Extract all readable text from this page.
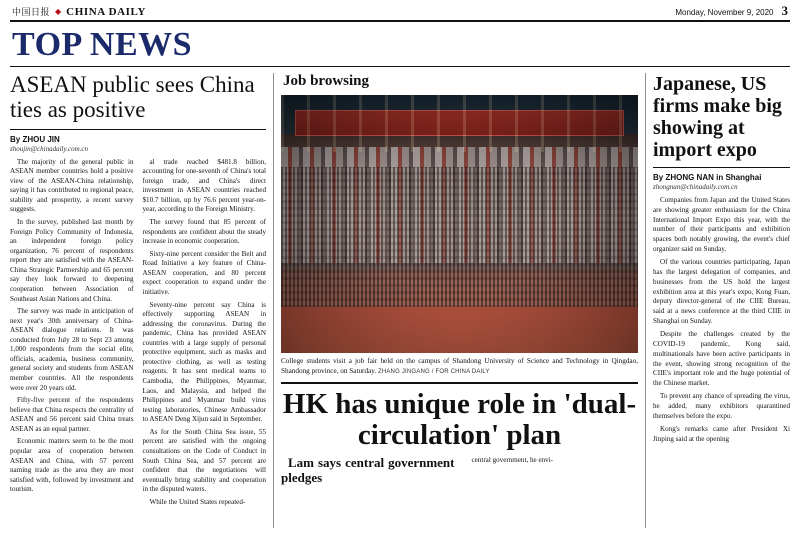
中国日报 ◆ CHINA DAILY	Monday, November 9, 2020 3
TOP NEWS
ASEAN public sees China ties as positive
By ZHOU JIN
zhoujin@chinadaily.com.cn

The majority of the general public in ASEAN member countries hold a positive view of the ASEAN-China relationship, saying it has contributed to regional peace, stability and prosperity, a recent survey suggests.

In the survey, published last month by Foreign Policy Community of Indonesia, an independent foreign policy organization, 76 percent of respondents report they are satisfied with the ASEAN-China Strategic Partnership and 65 percent say they look forward to deepening cooperation between Association of Southeast Asian Nations and China.

The survey was made in anticipation of next year's 30th anniversary of China-ASEAN dialogue relations. It was conducted from July 28 to Sept 23 among 1,000 respondents from the social elite, officials, academia, business community, general society and students from ASEAN member countries. All the respondents were over 20 years old.

Fifty-five percent of the respondents believe that China respects the centrality of ASEAN and 56 percent said China treats ASEAN as an equal partner.

Economic matters seem to be the most popular area of cooperation between ASEAN and China, with 57 percent naming trade as the area they are most satisfied with, followed by investment and tourism.

al trade reached $481.8 billion, accounting for one-seventh of China's total foreign trade, and China's direct investment in ASEAN countries reached $10.7 billion, up by 76.6 percent year-on-year, according to the Foreign Ministry.

The survey found that 85 percent of respondents are confident about the steady increase in economic cooperation.

Sixty-nine percent consider the Belt and Road Initiative a key feature of China-ASEAN cooperation, and 80 percent expect cooperation to expand under the initiative.

Seventy-nine percent say China is effectively supporting ASEAN in addressing the coronavirus. During the pandemic, China has provided ASEAN countries with a large supply of personal protective equipment, such as masks and protective clothing, as well as testing reagents. It has sent medical teams to Cambodia, the Philippines, Myanmar, Laos, and Malaysia, and helped the Philippines and Myanmar build virus testing laboratories, Chinese Ambassador to ASEAN Deng Xijun said in September.

As for the South China Sea issue, 55 percent are satisfied with the ongoing consultations on the Code of Conduct in South China Sea, and 57 percent are confident that the negotiations will eventually bring stability and cooperation in the disputed waters.

While the United States repeated-

Job browsing
College students visit a job fair held on the campus of Shandong University of Science and Technology in Qingdao, Shandong province, on Saturday. ZHANG JINGANG / FOR CHINA DAILY
HK has unique role in 'dual-circulation' plan

Lam says central government pledges

central government, he envi-

Japanese, US firms make big showing at import expo
By ZHONG NAN in Shanghai
zhongnan@chinadaily.com.cn

Companies from Japan and the United States are showing greater enthusiasm for the China International Import Expo this year, with the number of their participants and exhibition spaces both notably growing, the event's chief organizer said on Sunday.

Of the various countries participating, Japan has the largest delegation of companies, and businesses from the US hold the largest exhibition area at this year's expo, Kong Fuan, deputy director-general of the CIIE Bureau, said at a news conference at the third CIIE in Shanghai on Sunday.

Despite the challenges created by the COVID-19 pandemic, Kong said, multinationals have been active participants in the event, showing strong recognition of the CIIE's important role and the huge potential of the Chinese market.

To prevent any chance of spreading the virus, he added, many exhibitors quarantined themselves before the expo.

Kong's remarks came after President Xi Jinping said at the opening
